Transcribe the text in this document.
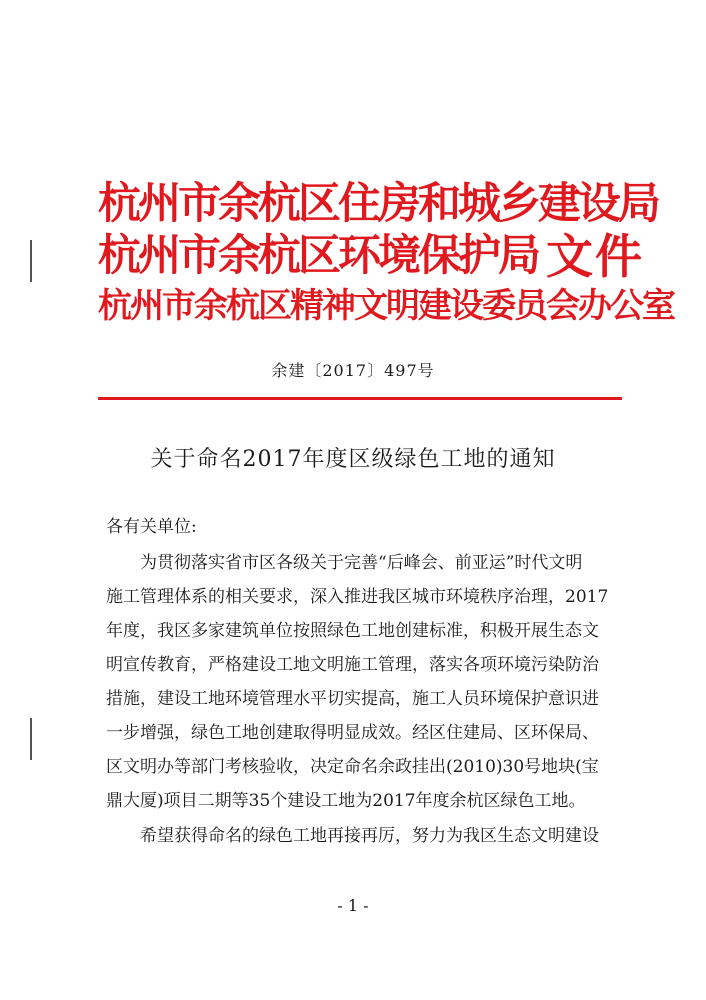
杭州市余杭区住房和城乡建设局
杭州市余杭区环境保护局
杭州市余杭区精神文明建设委员会办公室
文件
余建〔2017〕497号
关于命名2017年度区级绿色工地的通知
各有关单位:
　　为贯彻落实省市区各级关于完善“后峰会、前亚运”时代文明
施工管理体系的相关要求，深入推进我区城市环境秩序治理，2017
年度，我区多家建筑单位按照绿色工地创建标准，积极开展生态文
明宣传教育，严格建设工地文明施工管理，落实各项环境污染防治
措施，建设工地环境管理水平切实提高，施工人员环境保护意识进
一步增强，绿色工地创建取得明显成效。经区住建局、区环保局、
区文明办等部门考核验收，决定命名余政挂出(2010)30号地块(宝
鼎大厦)项目二期等35个建设工地为2017年度余杭区绿色工地。
　　希望获得命名的绿色工地再接再厉，努力为我区生态文明建设
- 1 -
